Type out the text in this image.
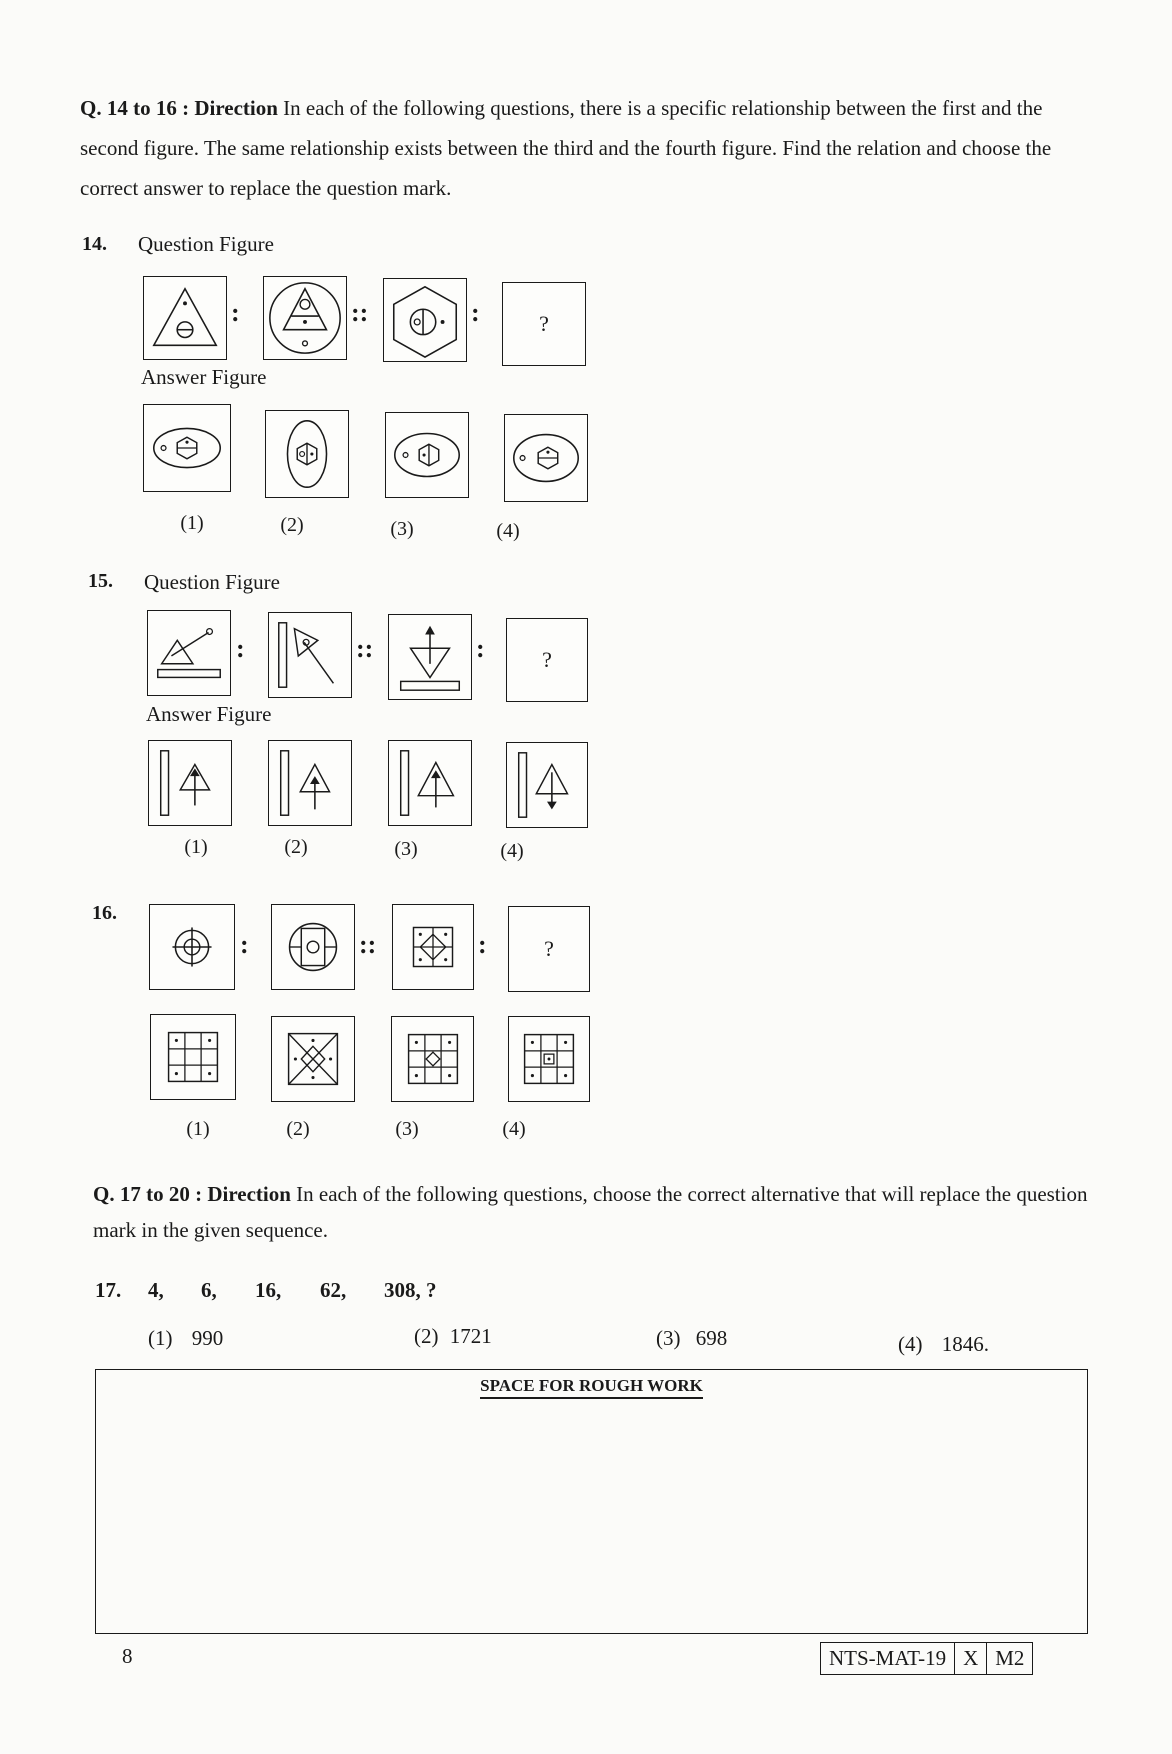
Q. 14 to 16 : Direction In each of the following questions, there is a specific relationship between the first and the second figure. The same relationship exists between the third and the fourth figure. Find the relation and choose the correct answer to replace the question mark.
14. Question Figure
:	::	:	?
Answer Figure
(1)	(2)	(3)	(4)
15. Question Figure
:	::	:	?
Answer Figure
(1)	(2)	(3)	(4)
16.
:	::	:	?
(1)	(2)	(3)	(4)
Q. 17 to 20 : Direction In each of the following questions, choose the correct alternative that will replace the question mark in the given sequence.
17. 4, 6, 16, 62, 308, ?
(1) 990	(2) 1721	(3) 698	(4) 1846.
SPACE FOR ROUGH WORK
8	NTS-MAT-19 X M2
